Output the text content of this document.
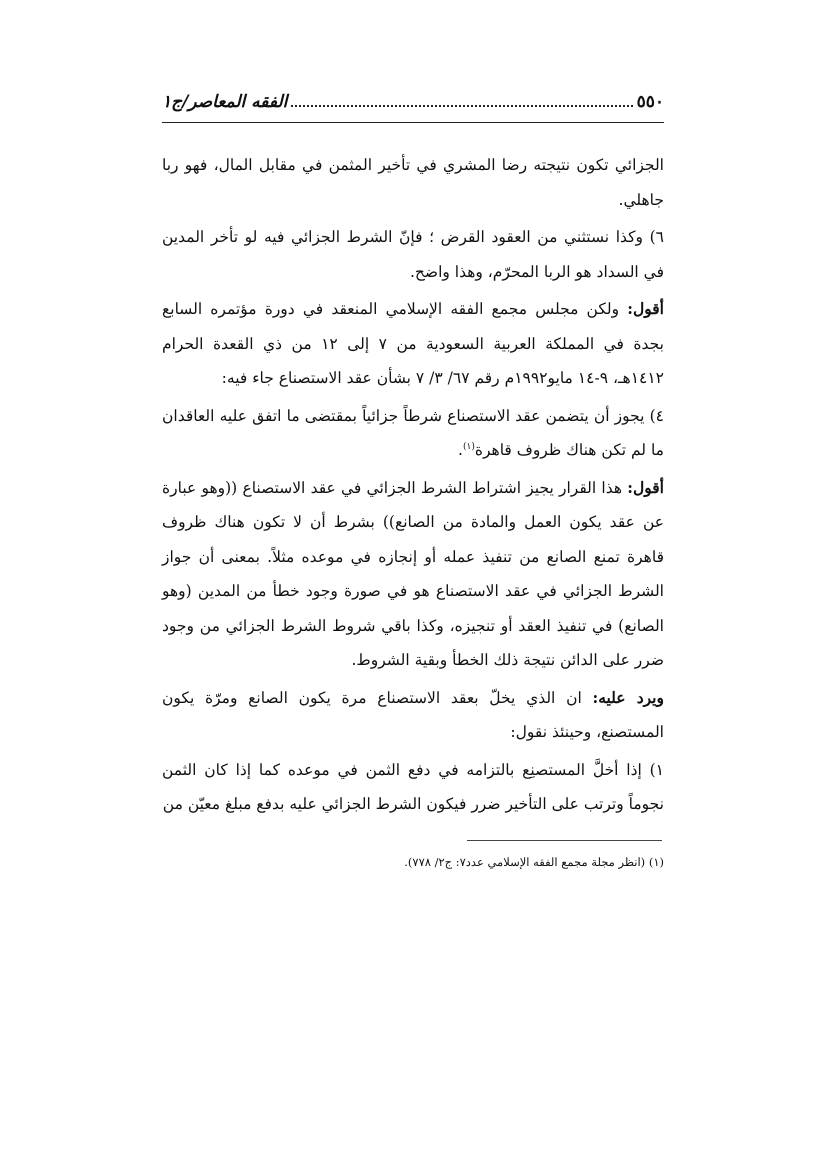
٥٥٠
الفقه المعاصر/ج١

الجزائي تكون نتيجته رضا المشري في تأخير المثمن في مقابل المال، فهو ربا جاهلي.

٦) وكذا نستثني من العقود القرض ؛ فإنّ الشرط الجزائي فيه لو تأخر المدين في السداد هو الربا المحرّم، وهذا واضح.

أقول: ولكن مجلس مجمع الفقه الإسلامي المنعقد في دورة مؤتمره السابع بجدة في المملكة العربية السعودية من ٧ إلى ١٢ من ذي القعدة الحرام ١٤١٢هـ، ٩-١٤ مايو١٩٩٢م رقم ٦٧/ ٣/ ٧ بشأن عقد الاستصناع جاء فيه:

٤) يجوز أن يتضمن عقد الاستصناع شرطاً جزائياً بمقتضى ما اتفق عليه العاقدان ما لم تكن هناك ظروف قاهرة$^{(١)}$.

أقول: هذا القرار يجيز اشتراط الشرط الجزائي في عقد الاستصناع ((وهو عبارة عن عقد يكون العمل والمادة من الصانع)) بشرط أن لا تكون هناك ظروف قاهرة تمنع الصانع من تنفيذ عمله أو إنجازه في موعده مثلاً. بمعنى أن جواز الشرط الجزائي في عقد الاستصناع هو في صورة وجود خطأ من المدين (وهو الصانع) في تنفيذ العقد أو تنجيزه، وكذا باقي شروط الشرط الجزائي من وجود ضرر على الدائن نتيجة ذلك الخطأ وبقية الشروط.

ويرد عليه: ان الذي يخلّ بعقد الاستصناع مرة يكون الصانع ومرّة يكون المستصنع، وحينئذ نقول:

١) إذا أخلَّ المستصنِع بالتزامه في دفع الثمن في موعده كما إذا كان الثمن نجوماً وترتب على التأخير ضرر فيكون الشرط الجزائي عليه بدفع مبلغ معيّن من

(١) (انظر مجلة مجمع الفقه الإسلامي عدد٧: ج٢/ ٧٧٨).
